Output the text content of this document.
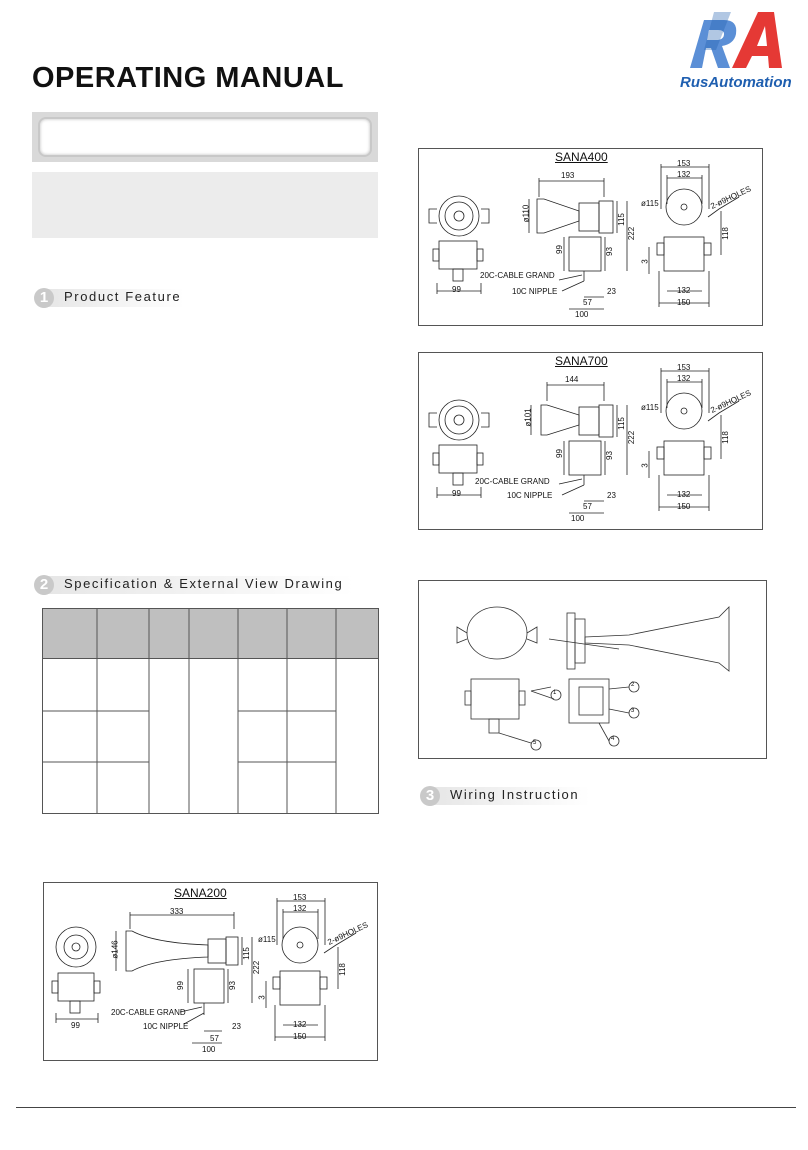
OPERATING MANUAL	RusAutomation
1	Product Feature
2	Specification & External View Drawing
3	Wiring Instruction
SANA400
193
ø110	115
222
99	93
99
20C-CABLE GRAND
10C NIPPLE
57
23
100
153
132
ø115	2-ø9HOLES
118
3
132
150
SANA700
144
ø101	115
222
99	93
99
20C-CABLE GRAND
10C NIPPLE
57
23
100
153
132
ø115	2-ø9HOLES
118
3
132
150
1
2
3
4
5
SANA200
333
ø146	115
222
99	93
99
20C-CABLE GRAND
10C NIPPLE
57
23
100
153
132
ø115	2-ø9HOLES
118
3
132
150
